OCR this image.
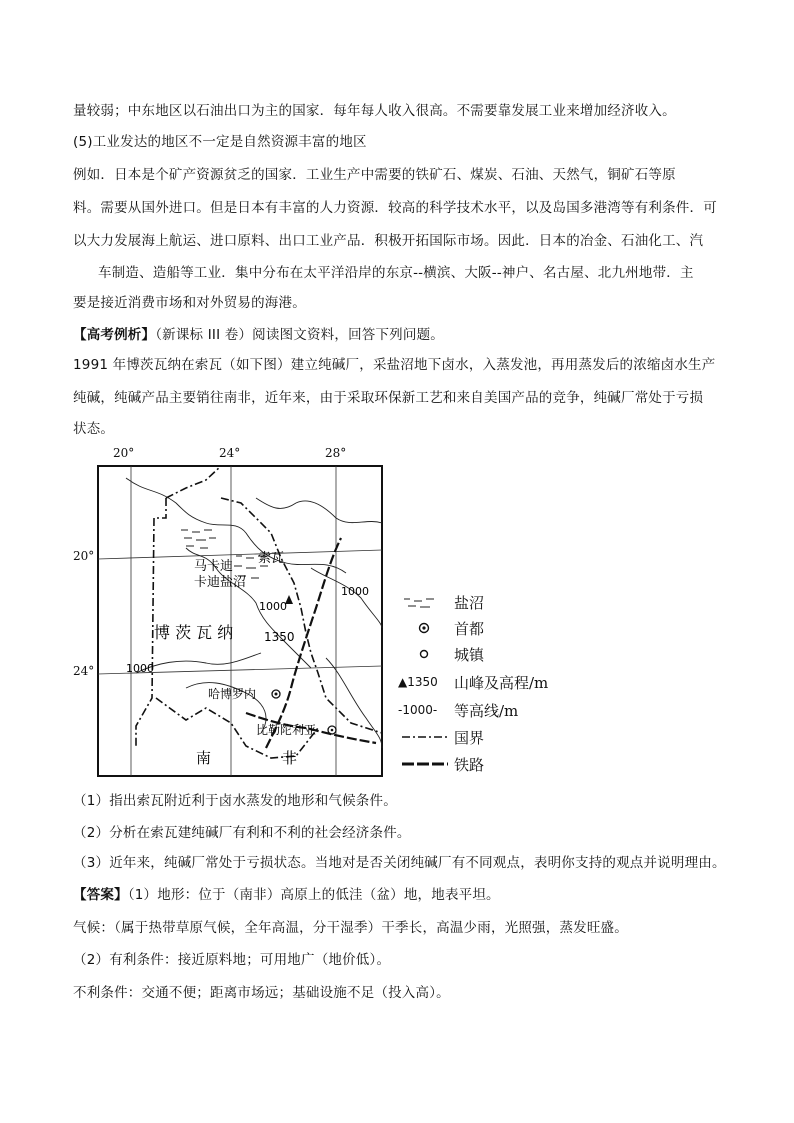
量较弱；中东地区以石油出口为主的国家．每年每人收入很高。不需要靠发展工业来增加经济收入。
(5)工业发达的地区不一定是自然资源丰富的地区
例如．日本是个矿产资源贫乏的国家．工业生产中需要的铁矿石、煤炭、石油、天然气，铜矿石等原
料。需要从国外进口。但是日本有丰富的人力资源．较高的科学技术水平，以及岛国多港湾等有利条件．可
以大力发展海上航运、进口原料、出口工业产品．积极开拓国际市场。因此．日本的冶金、石油化工、汽
车制造、造船等工业．集中分布在太平洋沿岸的东京--横滨、大阪--神户、名古屋、北九州地带．主
要是接近消费市场和对外贸易的海港。
【高考例析】（新课标 III 卷）阅读图文资料，回答下列问题。
1991 年博茨瓦纳在索瓦（如下图）建立纯碱厂，采盐沼地下卤水，入蒸发池，再用蒸发后的浓缩卤水生产
纯碱，纯碱产品主要销往南非，近年来，由于采取环保新工艺和来自美国产品的竞争，纯碱厂常处于亏损
状态。
1350
1000
1000
1000
马卡迪
卡迪盐沼
索瓦
博 茨 瓦 纳
哈博罗内
比勒陀利亚
南	非
20°	24°	28°
20°
24°
盐沼
首都
城镇
▲1350	山峰及高程/m
-1000-	等高线/m
国界
铁路
（1）指出索瓦附近利于卤水蒸发的地形和气候条件。
（2）分析在索瓦建纯碱厂有利和不利的社会经济条件。
（3）近年来，纯碱厂常处于亏损状态。当地对是否关闭纯碱厂有不同观点，表明你支持的观点并说明理由。
【答案】（1）地形：位于（南非）高原上的低洼（盆）地，地表平坦。
气候：（属于热带草原气候，全年高温，分干湿季）干季长，高温少雨，光照强，蒸发旺盛。
（2）有利条件：接近原料地；可用地广（地价低）。
不利条件：交通不便；距离市场远；基础设施不足（投入高）。
